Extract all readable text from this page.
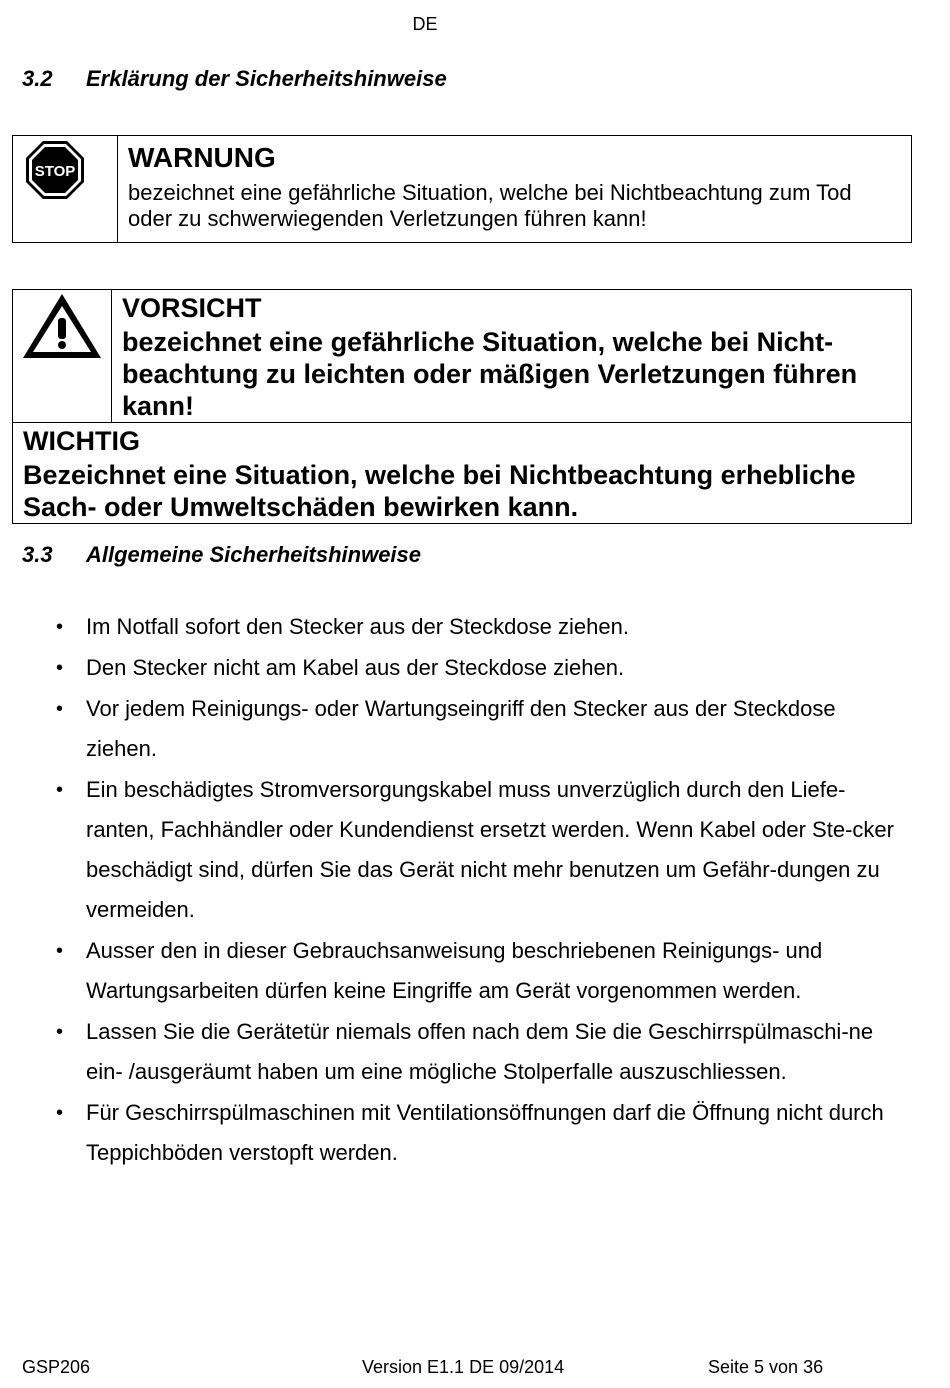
DE
3.2 Erklärung der Sicherheitshinweise
STOP	WARNUNG
bezeichnet eine gefährliche Situation, welche bei Nichtbeachtung zum Tod oder zu schwerwiegenden Verletzungen führen kann!

VORSICHT
bezeichnet eine gefährliche Situation, welche bei Nicht-beachtung zu leichten oder mäßigen Verletzungen führen kann!

WICHTIG
Bezeichnet eine Situation, welche bei Nichtbeachtung erhebliche Sach- oder Umweltschäden bewirken kann.
3.3 Allgemeine Sicherheitshinweise
• Im Notfall sofort den Stecker aus der Steckdose ziehen.
• Den Stecker nicht am Kabel aus der Steckdose ziehen.
• Vor jedem Reinigungs- oder Wartungseingriff den Stecker aus der Steckdose ziehen.
• Ein beschädigtes Stromversorgungskabel muss unverzüglich durch den Liefe-ranten, Fachhändler oder Kundendienst ersetzt werden. Wenn Kabel oder Ste-cker beschädigt sind, dürfen Sie das Gerät nicht mehr benutzen um Gefähr-dungen zu vermeiden.
• Ausser den in dieser Gebrauchsanweisung beschriebenen Reinigungs- und Wartungsarbeiten dürfen keine Eingriffe am Gerät vorgenommen werden.
• Lassen Sie die Gerätetür niemals offen nach dem Sie die Geschirrspülmaschi-ne ein- /ausgeräumt haben um eine mögliche Stolperfalle auszuschliessen.
• Für Geschirrspülmaschinen mit Ventilationsöffnungen darf die Öffnung nicht durch Teppichböden verstopft werden.
GSP206	Version E1.1 DE 09/2014	Seite 5 von 36
